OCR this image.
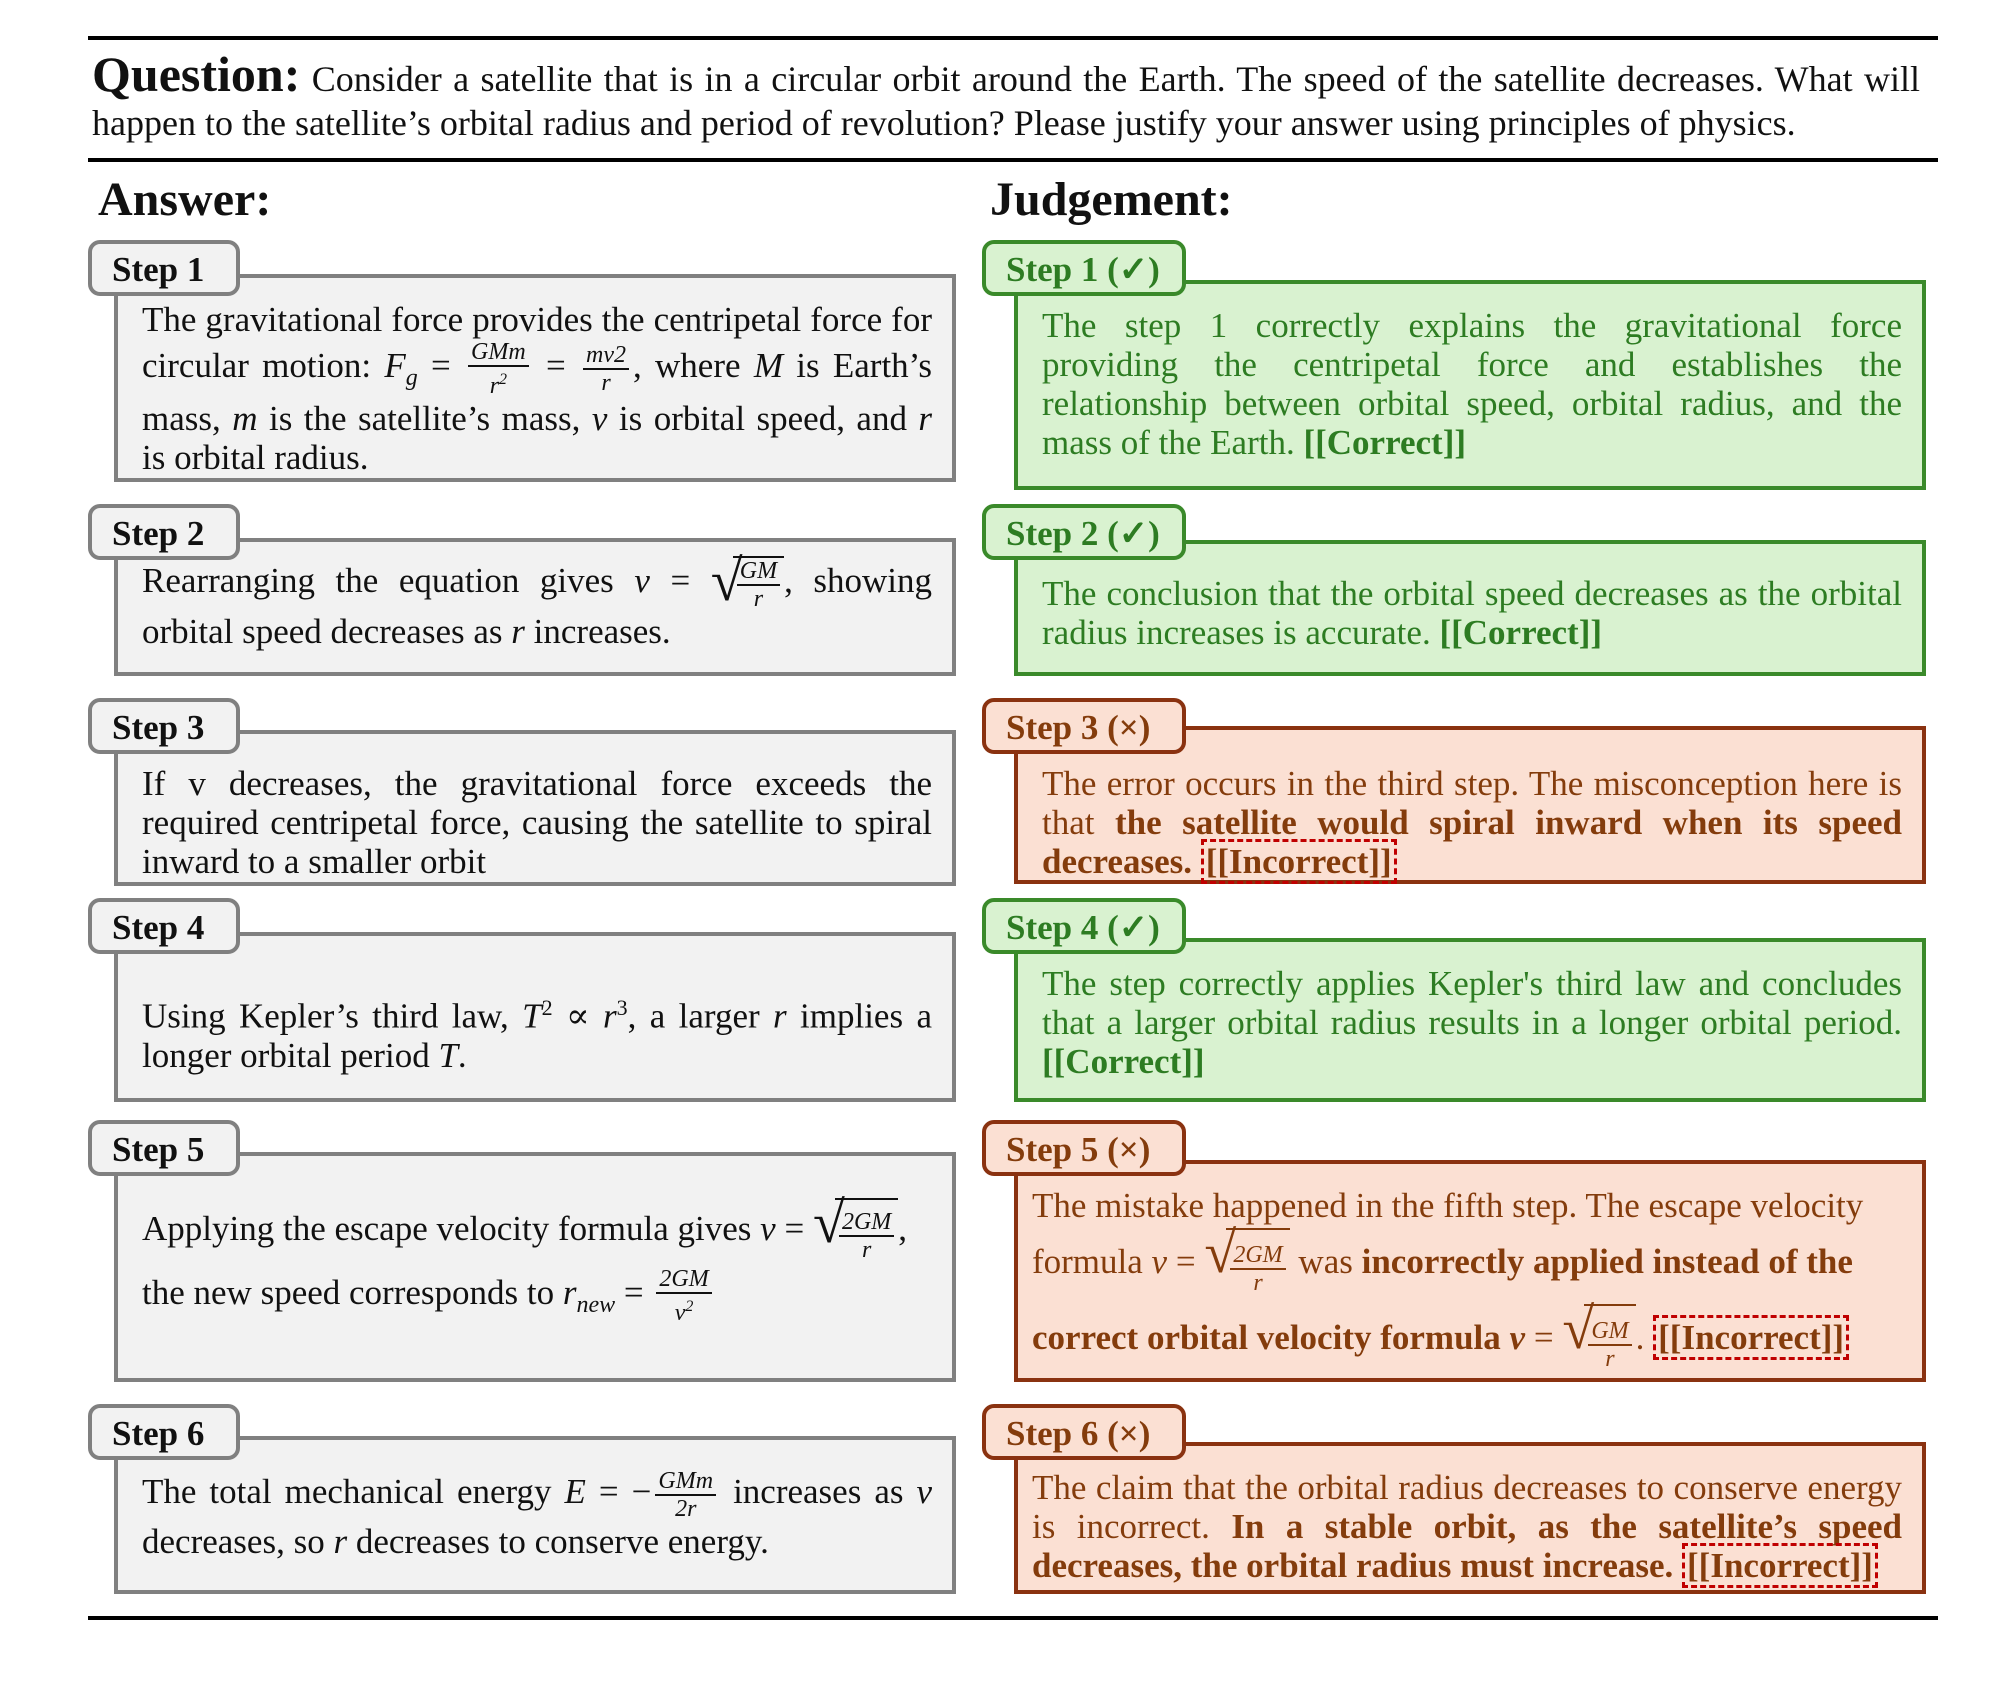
Question: Consider a satellite that is in a circular orbit around the Earth. The speed of the satellite decreases. What will happen to the satellite’s orbital radius and period of revolution? Please justify your answer using principles of physics.
Answer:	Judgement:
The gravitational force provides the centripetal force for circular motion: $F_g = \frac{\text{GMm}}{r^2} = \frac{mv2}{r}$ , where M is Earth’s mass, m is the satellite’s mass, v is orbital speed, and r is orbital radius.
Step 1
Rearranging the equation gives v = √
$\frac{GM}{r}$ , showing orbital speed decreases as r increases.
Step 2
If v decreases, the gravitational force exceeds the required centripetal force, causing the satellite to spiral inward to a smaller orbit
Step 3
Using Kepler’s third law, $T^2 \propto r^3$, a larger r implies a longer orbital period T.
Step 4
Applying the escape velocity formula gives v = √
$\frac{2GM}{r}$ ,
the new speed corresponds to $r_{new} = \frac{2GM}{v^2}$
Step 5
The total mechanical energy E = − $\frac{\text{GMm}}{2r}$ increases as v decreases, so r decreases to conserve energy.
Step 6
The step 1 correctly explains the gravitational force providing the centripetal force and establishes the relationship between orbital speed, orbital radius, and the mass of the Earth. [[Correct]]
Step 1 (✓)
The conclusion that the orbital speed decreases as the orbital radius increases is accurate. [[Correct]]
Step 2 (✓)
The error occurs in the third step. The misconception here is that the satellite would spiral inward when its speed decreases. [[Incorrect]]
Step 3 (×)
The step correctly applies Kepler's third law and concludes that a larger orbital radius results in a longer orbital period. [[Correct]]
Step 4 (✓)
The mistake happened in the fifth step. The escape velocity
formula v = √
$\frac{2GM}{r}$ was incorrectly applied instead of the
correct orbital velocity formula v = √
$\frac{GM}{r}$ . [[Incorrect]]
Step 5 (×)
The claim that the orbital radius decreases to conserve energy is incorrect. In a stable orbit, as the satellite’s speed decreases, the orbital radius must increase. [[Incorrect]]
Step 6 (×)
